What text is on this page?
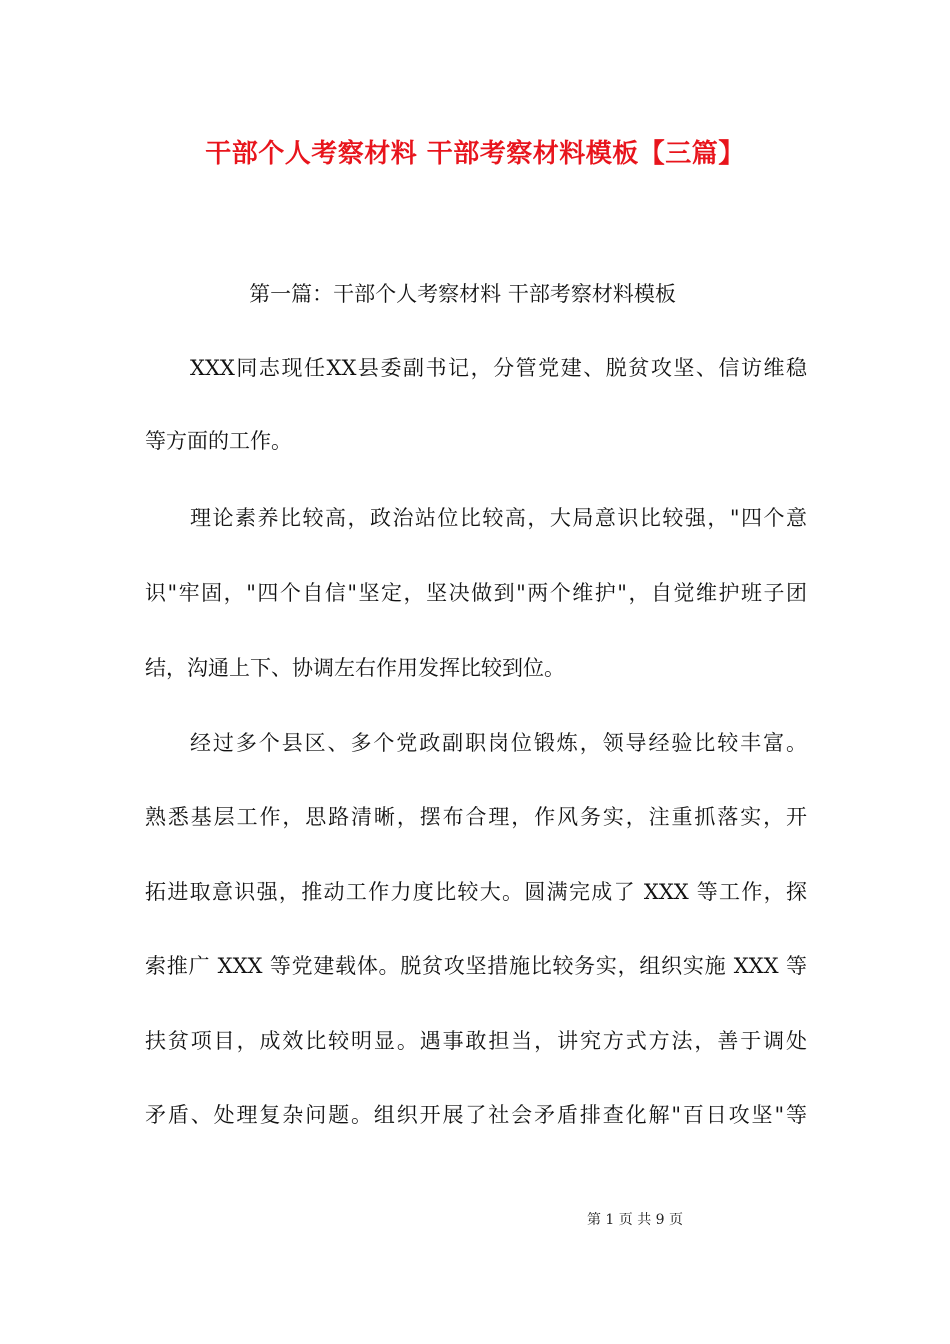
干部个人考察材料 干部考察材料模板【三篇】
第一篇：干部个人考察材料 干部考察材料模板
XXX同志现任XX县委副书记，分管党建、脱贫攻坚、信访维稳
等方面的工作。
理论素养比较高，政治站位比较高，大局意识比较强，"四个意
识"牢固，"四个自信"坚定，坚决做到"两个维护"，自觉维护班子团
结，沟通上下、协调左右作用发挥比较到位。
经过多个县区、多个党政副职岗位锻炼，领导经验比较丰富。
熟悉基层工作，思路清晰，摆布合理，作风务实，注重抓落实，开
拓进取意识强，推动工作力度比较大。圆满完成了 XXX 等工作，探
索推广 XXX 等党建载体。脱贫攻坚措施比较务实，组织实施 XXX 等
扶贫项目，成效比较明显。遇事敢担当，讲究方式方法，善于调处
矛盾、处理复杂问题。组织开展了社会矛盾排查化解"百日攻坚"等
第 1 页 共 9 页
